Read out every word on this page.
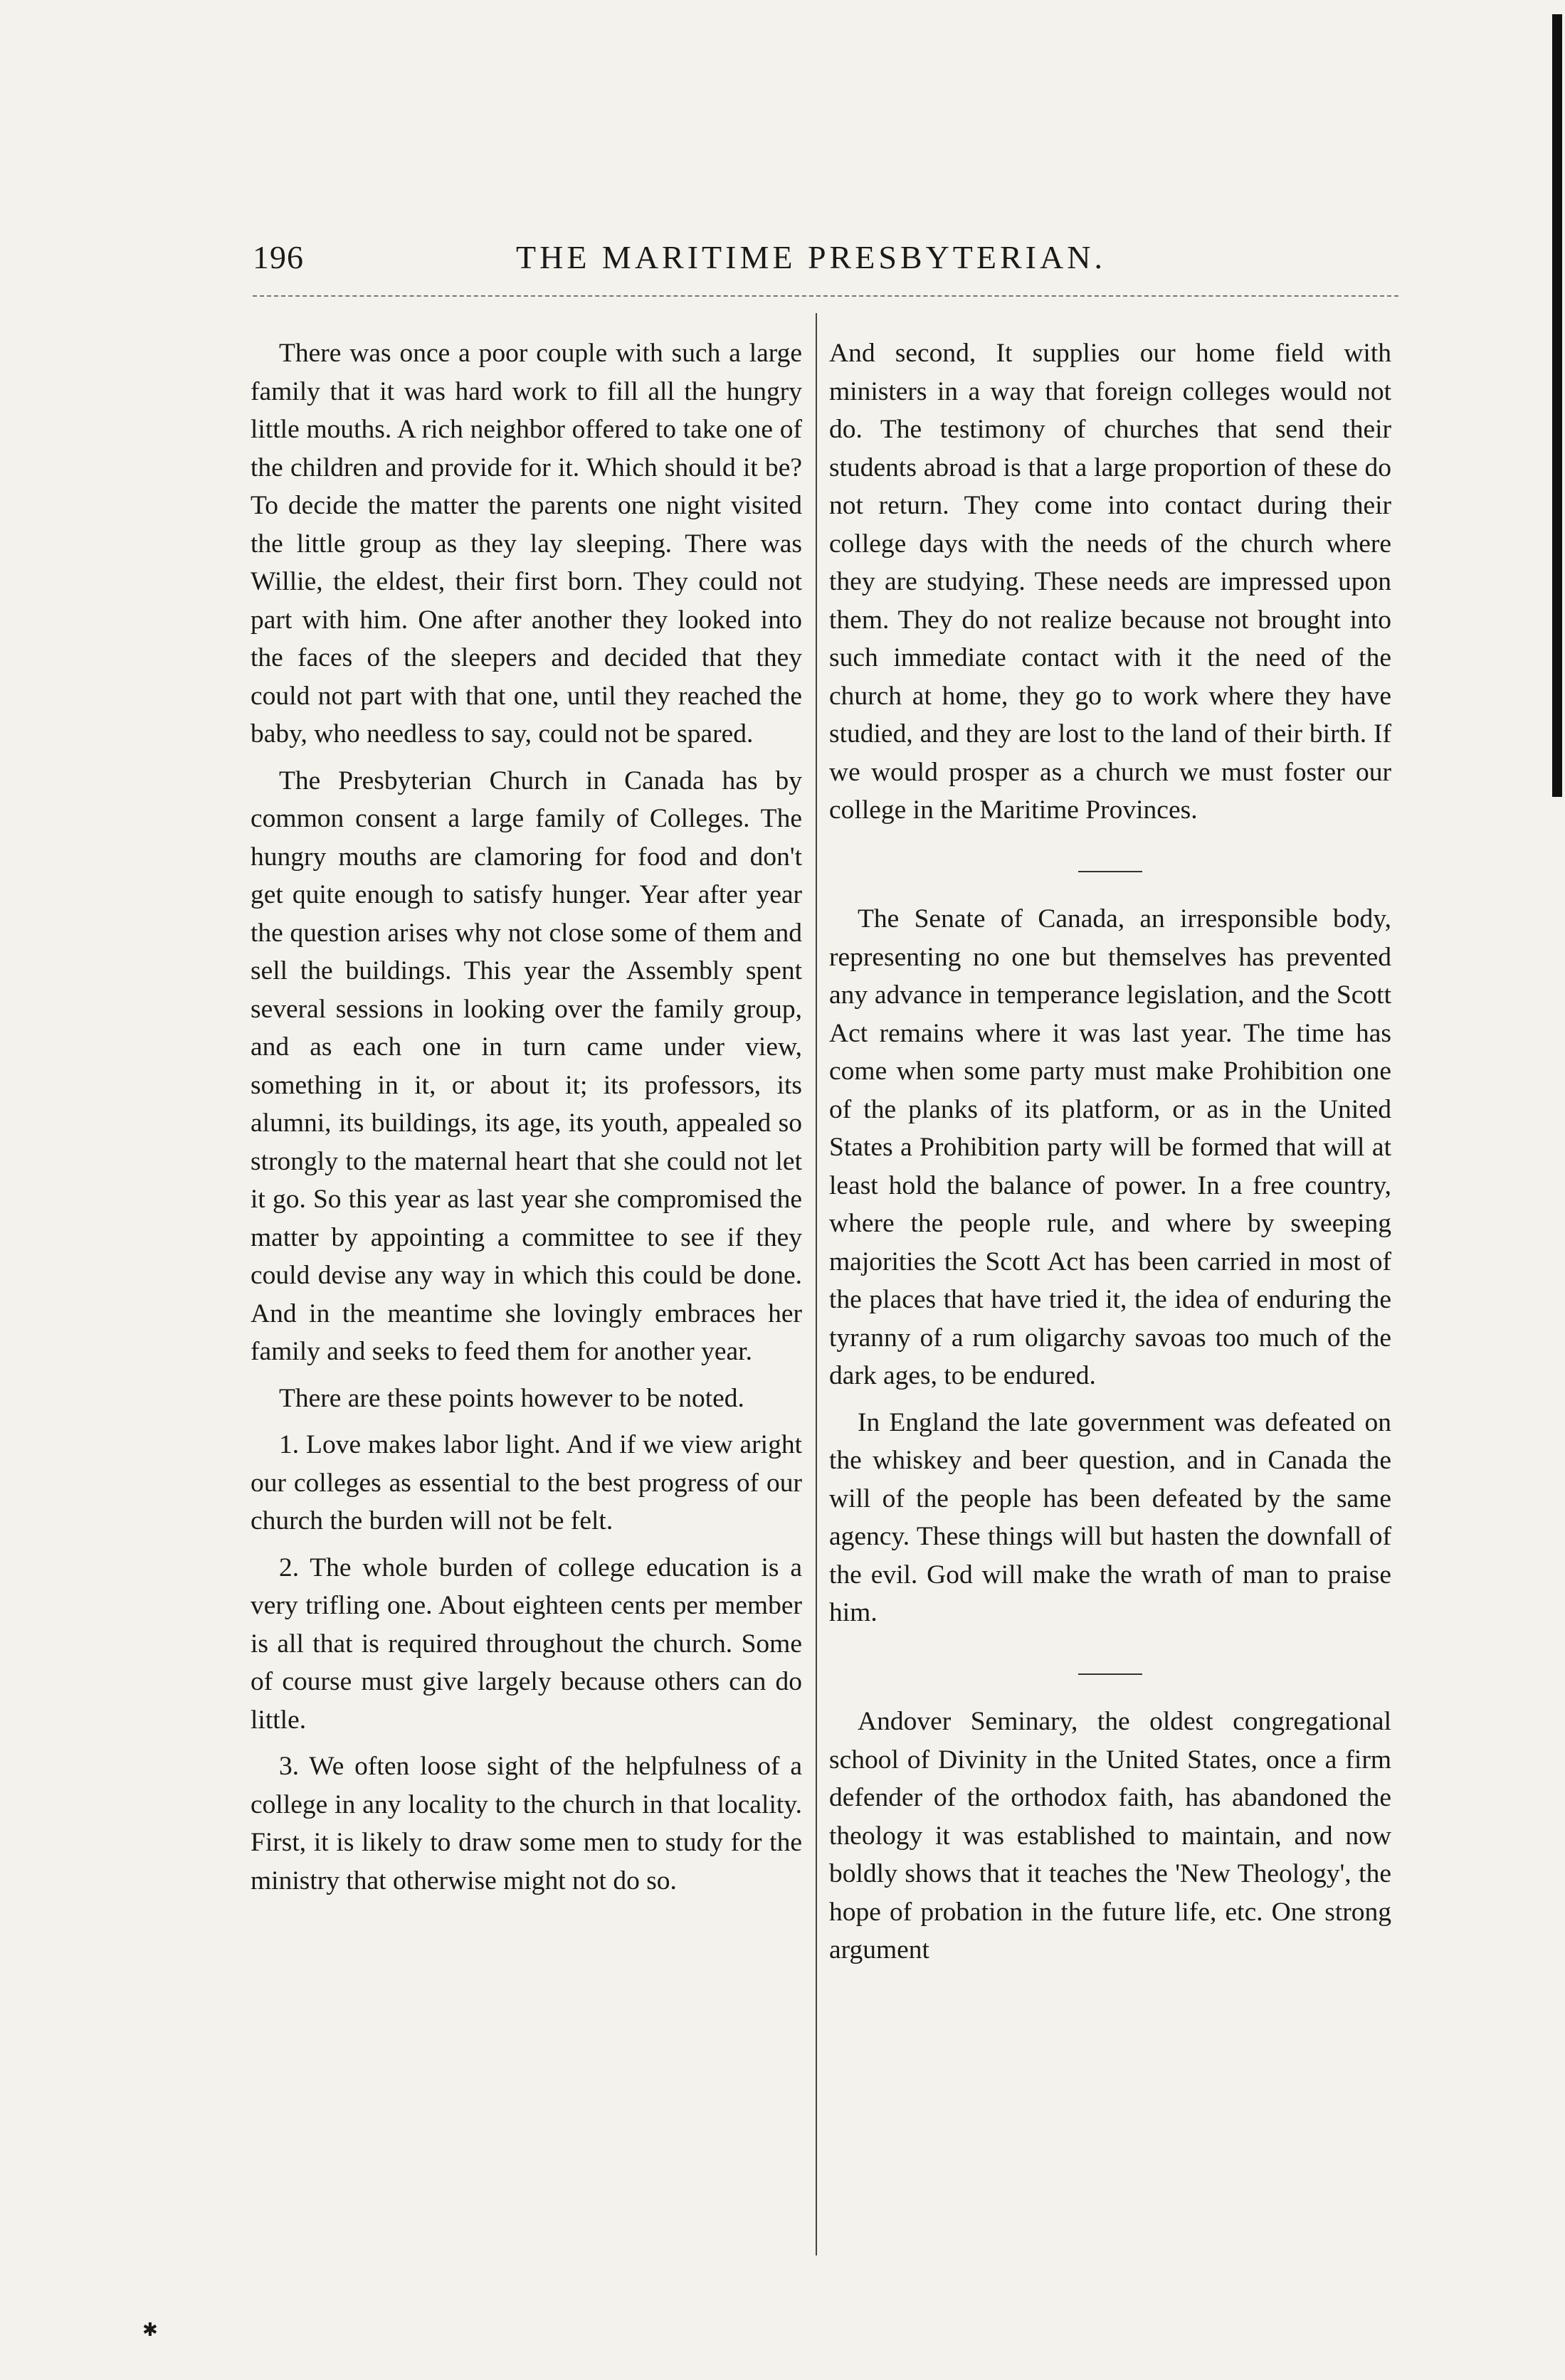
196	THE MARITIME PRESBYTERIAN.

There was once a poor couple with such a large family that it was hard work to fill all the hungry little mouths. A rich neighbor offered to take one of the children and provide for it. Which should it be? To decide the matter the parents one night visited the little group as they lay sleeping. There was Willie, the eldest, their first born. They could not part with him. One after another they looked into the faces of the sleepers and decided that they could not part with that one, until they reached the baby, who needless to say, could not be spared.

The Presbyterian Church in Canada has by common consent a large family of Colleges. The hungry mouths are clamoring for food and don't get quite enough to satisfy hunger. Year after year the question arises why not close some of them and sell the buildings. This year the Assembly spent several sessions in looking over the family group, and as each one in turn came under view, something in it, or about it; its professors, its alumni, its buildings, its age, its youth, appealed so strongly to the maternal heart that she could not let it go. So this year as last year she compromised the matter by appointing a committee to see if they could devise any way in which this could be done. And in the meantime she lovingly embraces her family and seeks to feed them for another year.

There are these points however to be noted.

1. Love makes labor light. And if we view aright our colleges as essential to the best progress of our church the burden will not be felt.

2. The whole burden of college education is a very trifling one. About eighteen cents per member is all that is required throughout the church. Some of course must give largely because others can do little.

3. We often loose sight of the helpfulness of a college in any locality to the church in that locality. First, it is likely to draw some men to study for the ministry that otherwise might not do so.

And second, It supplies our home field with ministers in a way that foreign colleges would not do. The testimony of churches that send their students abroad is that a large proportion of these do not return. They come into contact during their college days with the needs of the church where they are studying. These needs are impressed upon them. They do not realize because not brought into such immediate contact with it the need of the church at home, they go to work where they have studied, and they are lost to the land of their birth. If we would prosper as a church we must foster our college in the Maritime Provinces.

The Senate of Canada, an irresponsible body, representing no one but themselves has prevented any advance in temperance legislation, and the Scott Act remains where it was last year. The time has come when some party must make Prohibition one of the planks of its platform, or as in the United States a Prohibition party will be formed that will at least hold the balance of power. In a free country, where the people rule, and where by sweeping majorities the Scott Act has been carried in most of the places that have tried it, the idea of enduring the tyranny of a rum oligarchy savoas too much of the dark ages, to be endured.

In England the late government was defeated on the whiskey and beer question, and in Canada the will of the people has been defeated by the same agency. These things will but hasten the downfall of the evil. God will make the wrath of man to praise him.

Andover Seminary, the oldest congregational school of Divinity in the United States, once a firm defender of the orthodox faith, has abandoned the theology it was established to maintain, and now boldly shows that it teaches the 'New Theology', the hope of probation in the future life, etc. One strong argument

✱
